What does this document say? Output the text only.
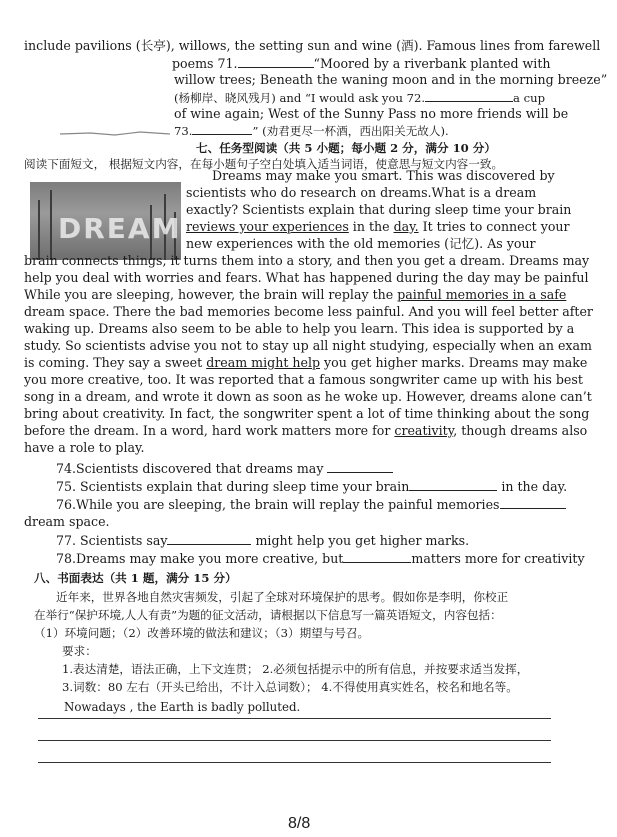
include pavilions (长亭), willows, the setting sun and wine (酒). Famous lines from farewell
poems 71.	“Moored by a riverbank planted with
willow trees; Beneath the waning moon and in the morning breeze”
(杨柳岸、晓风残月) and “I would ask you 72.	a cup
of wine again; West of the Sunny Pass no more friends will be
73.	” (劝君更尽一杯酒，西出阳关无故人).
七、任务型阅读（共 5 小题；每小题 2 分，满分 10 分）
阅读下面短文， 根据短文内容，在每小题句子空白处填入适当词语，使意思与短文内容一致。
DREAM
Dreams may make you smart. This was discovered by
scientists who do research on dreams.What is a dream
exactly? Scientists explain that during sleep time your brain
reviews your experiences in the day. It tries to connect your
new experiences with the old memories (记忆). As your
brain connects things, it turns them into a story, and then you get a dream. Dreams may
help you deal with worries and fears. What has happened during the day may be painful
While you are sleeping, however, the brain will replay the painful memories in a safe
dream space. There the bad memories become less painful. And you will feel better after
waking up. Dreams also seem to be able to help you learn. This idea is supported by a
study. So scientists advise you not to stay up all night studying, especially when an exam
is coming. They say a sweet dream might help you get higher marks. Dreams may make
you more creative, too. It was reported that a famous songwriter came up with his best
song in a dream, and wrote it down as soon as he woke up. However, dreams alone can’t
bring about creativity. In fact, the songwriter spent a lot of time thinking about the song
before the dream. In a word, hard work matters more for creativity, though dreams also
have a role to play.
74.Scientists discovered that dreams may
75. Scientists explain that during sleep time your brain	in the day.
76.While you are sleeping, the brain will replay the painful memories
dream space.
77. Scientists say	might help you get higher marks.
78.Dreams may make you more creative, but	matters more for creativity
八、书面表达（共 1 题，满分 15 分）
近年来，世界各地自然灾害频发，引起了全球对环境保护的思考。假如你是李明，你校正
在举行“保护环境,人人有责”为题的征文活动，请根据以下信息写一篇英语短文，内容包括：
（1）环境问题；（2）改善环境的做法和建议；（3）期望与号召。
要求：
1.表达清楚，语法正确，上下文连贯； 2.必须包括提示中的所有信息，并按要求适当发挥，
3.词数：80 左右（开头已给出，不计入总词数）； 4.不得使用真实姓名，校名和地名等。
Nowadays , the Earth is badly polluted.
8/8
